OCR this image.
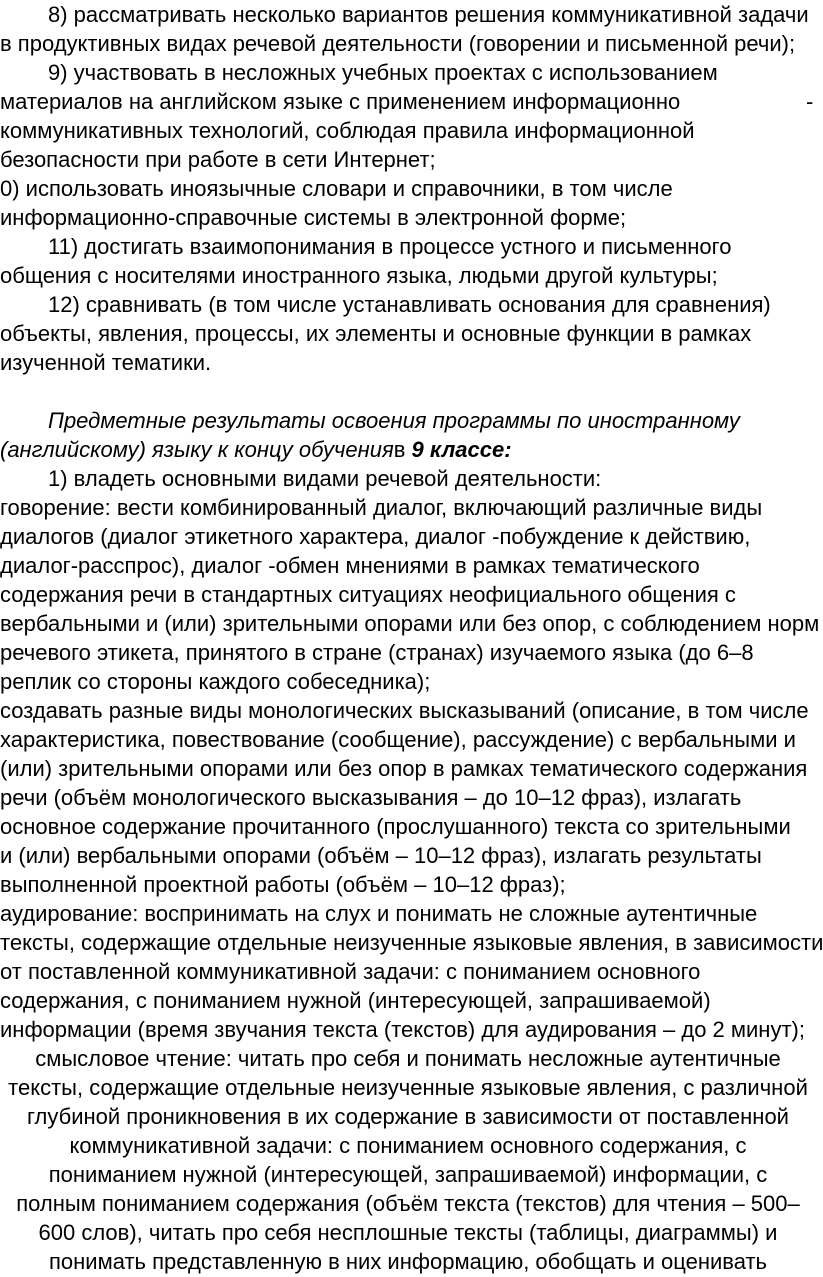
8) рассматривать несколько вариантов решения коммуникативной задачи
в продуктивных видах речевой деятельности (говорении и письменной речи);
9) участвовать в несложных учебных проектах с использованием
материалов на английском языке с применением информационно	-
коммуникативных технологий, соблюдая правила информационной
безопасности при работе в сети Интернет;
0) использовать иноязычные словари и справочники, в том числе
информационно-справочные системы в электронной форме;
11) достигать взаимопонимания в процессе устного и письменного
общения с носителями иностранного языка, людьми другой культуры;
12) сравнивать (в том числе устанавливать основания для сравнения)
объекты, явления, процессы, их элементы и основные функции в рамках
изученной тематики.
Предметные результаты освоения программы по иностранному
(английскому) языку к концу обученияв 9 классе:
1) владеть основными видами речевой деятельности:
говорение: вести комбинированный диалог, включающий различные виды
диалогов (диалог этикетного характера, диалог -побуждение к действию,
диалог-расспрос), диалог -обмен мнениями в рамках тематического
содержания речи в стандартных ситуациях неофициального общения с
вербальными и (или) зрительными опорами или без опор, с соблюдением норм
речевого этикета, принятого в стране (странах) изучаемого языка (до 6–8
реплик со стороны каждого собеседника);
создавать разные виды монологических высказываний (описание, в том числе
характеристика, повествование (сообщение), рассуждение) с вербальными и
(или) зрительными опорами или без опор в рамках тематического содержания
речи (объём монологического высказывания – до 10–12 фраз), излагать
основное содержание прочитанного (прослушанного) текста со зрительными
и (или) вербальными опорами (объём – 10–12 фраз), излагать результаты
выполненной проектной работы (объём – 10–12 фраз);
аудирование: воспринимать на слух и понимать не сложные аутентичные
тексты, содержащие отдельные неизученные языковые явления, в зависимости
от поставленной коммуникативной задачи: с пониманием основного
содержания, с пониманием нужной (интересующей, запрашиваемой)
информации (время звучания текста (текстов) для аудирования – до 2 минут);
смысловое чтение: читать про себя и понимать несложные аутентичные
тексты, содержащие отдельные неизученные языковые явления, с различной
глубиной проникновения в их содержание в зависимости от поставленной
коммуникативной задачи: с пониманием основного содержания, с
пониманием нужной (интересующей, запрашиваемой) информации, с
полным пониманием содержания (объём текста (текстов) для чтения – 500–
600 слов), читать про себя несплошные тексты (таблицы, диаграммы) и
понимать представленную в них информацию, обобщать и оценивать
